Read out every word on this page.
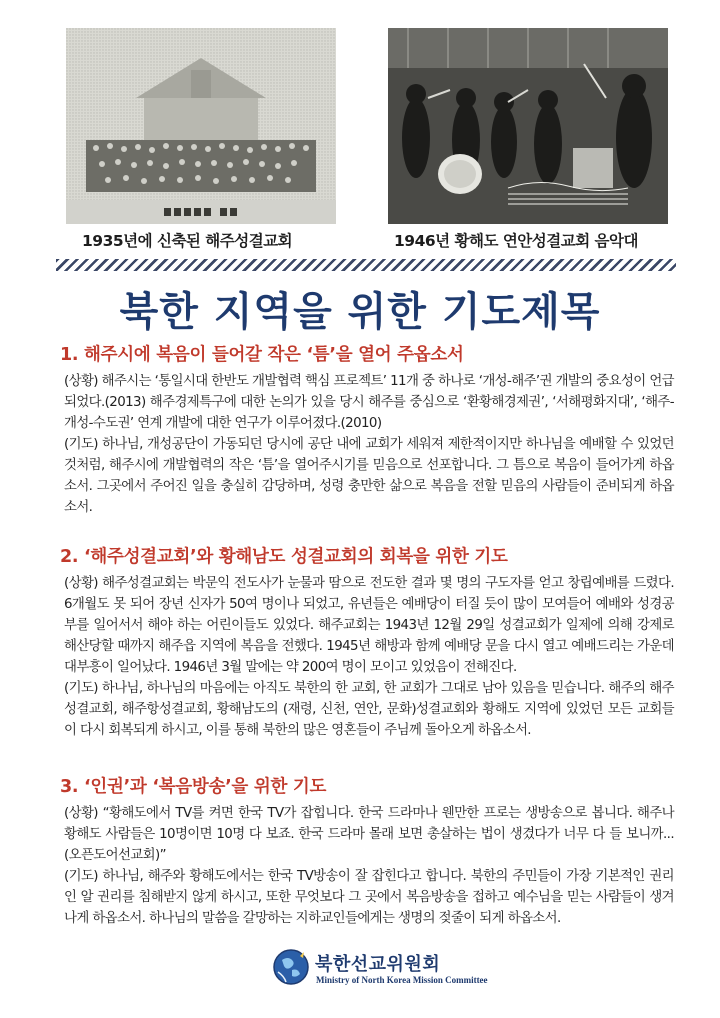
1935년에 신축된 해주성결교회	1946년 황해도 연안성결교회 음악대
북한 지역을 위한 기도제목
1. 해주시에 복음이 들어갈 작은 ‘틈’을 열어 주옵소서

(상황) 해주시는 ‘통일시대 한반도 개발협력 핵심 프로젝트’ 11개 중 하나로 ‘개성-해주’권 개발의 중요성이 언급되었다.(2013) 해주경제특구에 대한 논의가 있을 당시 해주를 중심으로 ‘환황해경제권’, ‘서해평화지대’, ‘해주-개성-수도권’ 연계 개발에 대한 연구가 이루어졌다.(2010)

(기도) 하나님, 개성공단이 가동되던 당시에 공단 내에 교회가 세워져 제한적이지만 하나님을 예배할 수 있었던 것처럼, 해주시에 개발협력의 작은 ‘틈’을 열어주시기를 믿음으로 선포합니다. 그 틈으로 복음이 들어가게 하옵소서. 그곳에서 주어진 일을 충실히 감당하며, 성령 충만한 삶으로 복음을 전할 믿음의 사람들이 준비되게 하옵소서.

2. ‘해주성결교회’와 황해남도 성결교회의 회복을 위한 기도

(상황) 해주성결교회는 박문익 전도사가 눈물과 땀으로 전도한 결과 몇 명의 구도자를 얻고 창립예배를 드렸다. 6개월도 못 되어 장년 신자가 50여 명이나 되었고, 유년들은 예배당이 터질 듯이 많이 모여들어 예배와 성경공부를 일어서서 해야 하는 어린이들도 있었다. 해주교회는 1943년 12월 29일 성결교회가 일제에 의해 강제로 해산당할 때까지 해주읍 지역에 복음을 전했다. 1945년 해방과 함께 예배당 문을 다시 열고 예배드리는 가운데 대부흥이 일어났다. 1946년 3월 말에는 약 200여 명이 모이고 있었음이 전해진다.

(기도) 하나님, 하나님의 마음에는 아직도 북한의 한 교회, 한 교회가 그대로 남아 있음을 믿습니다. 해주의 해주성결교회, 해주항성결교회, 황해남도의 (재령, 신천, 연안, 문화)성결교회와 황해도 지역에 있었던 모든 교회들이 다시 회복되게 하시고, 이를 통해 북한의 많은 영혼들이 주님께 돌아오게 하옵소서.

3. ‘인권’과 ‘복음방송’을 위한 기도

(상황) “황해도에서 TV를 켜면 한국 TV가 잡힙니다. 한국 드라마나 웬만한 프로는 생방송으로 봅니다. 해주나 황해도 사람들은 10명이면 10명 다 보죠. 한국 드라마 몰래 보면 총살하는 법이 생겼다가 너무 다 들 보니까...(오픈도어선교회)”

(기도) 하나님, 해주와 황해도에서는 한국 TV방송이 잘 잡힌다고 합니다. 북한의 주민들이 가장 기본적인 권리인 알 권리를 침해받지 않게 하시고, 또한 무엇보다 그 곳에서 복음방송을 접하고 예수님을 믿는 사람들이 생겨나게 하옵소서. 하나님의 말씀을 갈망하는 지하교인들에게는 생명의 젖줄이 되게 하옵소서.

북한선교위원회
Ministry of North Korea Mission Committee
